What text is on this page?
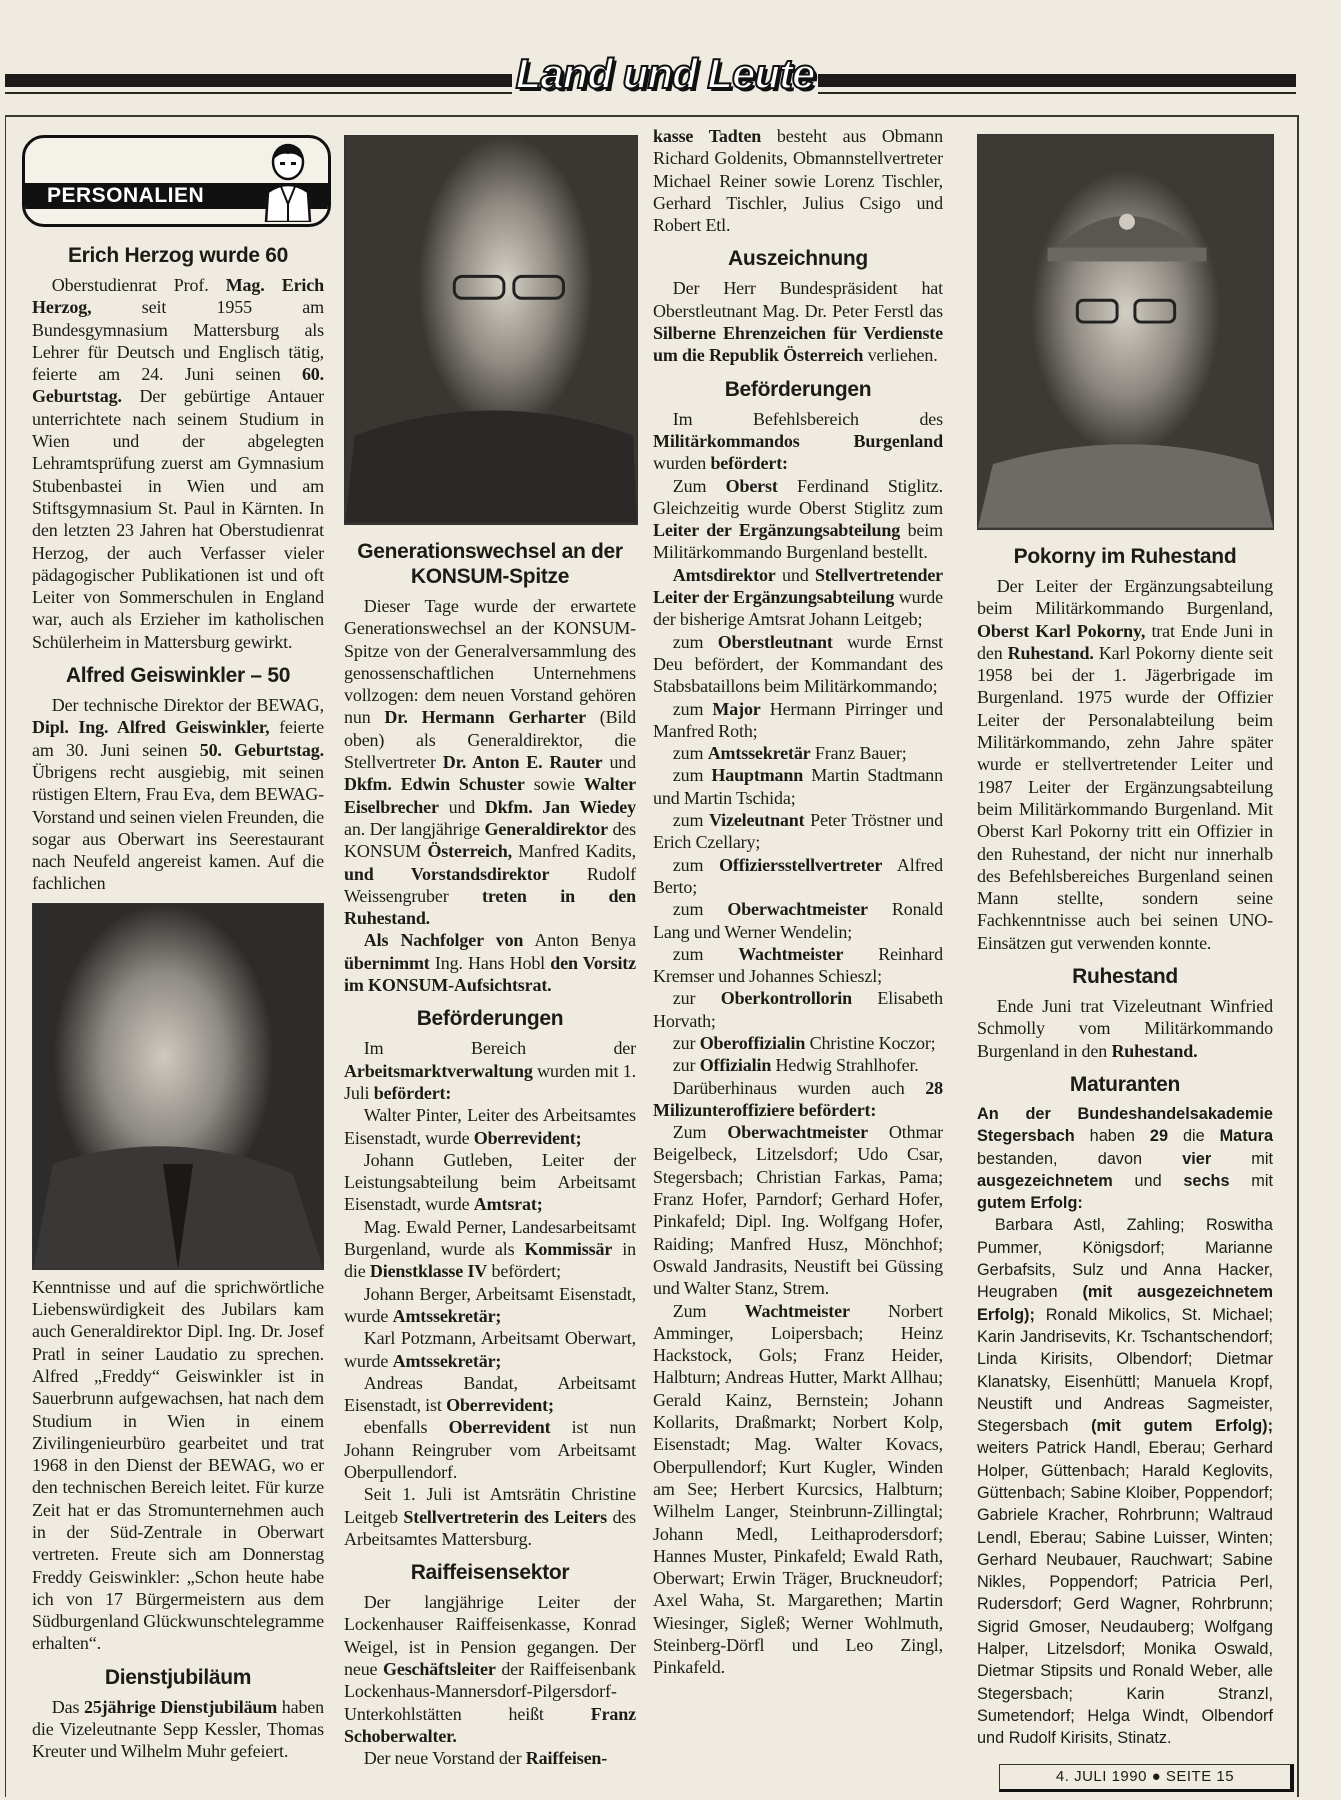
Land und Leute
PERSONALIEN
Erich Herzog wurde 60

Oberstudienrat Prof. Mag. Erich Herzog, seit 1955 am Bundesgymnasium Mattersburg als Lehrer für Deutsch und Englisch tätig, feierte am 24. Juni seinen 60. Geburtstag. Der gebürtige Antauer unterrichtete nach seinem Studium in Wien und der abgelegten Lehramtsprüfung zuerst am Gymnasium Stubenbastei in Wien und am Stiftsgymnasium St. Paul in Kärnten. In den letzten 23 Jahren hat Oberstudienrat Herzog, der auch Verfasser vieler pädagogischer Publikationen ist und oft Leiter von Sommerschulen in England war, auch als Erzieher im katholischen Schülerheim in Mattersburg gewirkt.

Alfred Geiswinkler – 50

Der technische Direktor der BEWAG, Dipl. Ing. Alfred Geiswinkler, feierte am 30. Juni seinen 50. Geburtstag. Übrigens recht ausgiebig, mit seinen rüstigen Eltern, Frau Eva, dem BEWAG-Vorstand und seinen vielen Freunden, die sogar aus Oberwart ins Seerestaurant nach Neufeld angereist kamen. Auf die fachlichen

Kenntnisse und auf die sprichwörtliche Liebenswürdigkeit des Jubilars kam auch Generaldirektor Dipl. Ing. Dr. Josef Pratl in seiner Laudatio zu sprechen. Alfred „Freddy“ Geiswinkler ist in Sauerbrunn aufgewachsen, hat nach dem Studium in Wien in einem Zivilingenieurbüro gearbeitet und trat 1968 in den Dienst der BEWAG, wo er den technischen Bereich leitet. Für kurze Zeit hat er das Stromunternehmen auch in der Süd-Zentrale in Oberwart vertreten. Freute sich am Donnerstag Freddy Geiswinkler: „Schon heute habe ich von 17 Bürgermeistern aus dem Südburgenland Glückwunschtelegramme erhalten“.

Dienstjubiläum

Das 25jährige Dienstjubiläum haben die Vizeleutnante Sepp Kessler, Thomas Kreuter und Wilhelm Muhr gefeiert.

Generationswechsel an der KONSUM-Spitze

Dieser Tage wurde der erwartete Generationswechsel an der KONSUM-Spitze von der Generalversammlung des genossenschaftlichen Unternehmens vollzogen: dem neuen Vorstand gehören nun Dr. Hermann Gerharter (Bild oben) als Generaldirektor, die Stellvertreter Dr. Anton E. Rauter und Dkfm. Edwin Schuster sowie Walter Eiselbrecher und Dkfm. Jan Wiedey an. Der langjährige Generaldirektor des KONSUM Österreich, Manfred Kadits, und Vorstandsdirektor Rudolf Weissengruber treten in den Ruhestand.

Als Nachfolger von Anton Benya übernimmt Ing. Hans Hobl den Vorsitz im KONSUM-Aufsichtsrat.

Beförderungen

Im Bereich der Arbeitsmarktverwaltung wurden mit 1. Juli befördert:

Walter Pinter, Leiter des Arbeitsamtes Eisenstadt, wurde Oberrevident;

Johann Gutleben, Leiter der Leistungsabteilung beim Arbeitsamt Eisenstadt, wurde Amtsrat;

Mag. Ewald Perner, Landesarbeitsamt Burgenland, wurde als Kommissär in die Dienstklasse IV befördert;

Johann Berger, Arbeitsamt Eisenstadt, wurde Amtssekretär;

Karl Potzmann, Arbeitsamt Oberwart, wurde Amtssekretär;

Andreas Bandat, Arbeitsamt Eisenstadt, ist Oberrevident;

ebenfalls Oberrevident ist nun Johann Reingruber vom Arbeitsamt Oberpullendorf.

Seit 1. Juli ist Amtsrätin Christine Leitgeb Stellvertreterin des Leiters des Arbeitsamtes Mattersburg.

Raiffeisensektor

Der langjährige Leiter der Lockenhauser Raiffeisenkasse, Konrad Weigel, ist in Pension gegangen. Der neue Geschäftsleiter der Raiffeisenbank Lockenhaus-Mannersdorf-Pilgersdorf-Unterkohlstätten heißt Franz Schoberwalter.

Der neue Vorstand der Raiffeisen-

kasse Tadten besteht aus Obmann Richard Goldenits, Obmannstellvertreter Michael Reiner sowie Lorenz Tischler, Gerhard Tischler, Julius Csigo und Robert Etl.

Auszeichnung

Der Herr Bundespräsident hat Oberstleutnant Mag. Dr. Peter Ferstl das Silberne Ehrenzeichen für Verdienste um die Republik Österreich verliehen.

Beförderungen

Im Befehlsbereich des Militärkommandos Burgenland wurden befördert:

Zum Oberst Ferdinand Stiglitz. Gleichzeitig wurde Oberst Stiglitz zum Leiter der Ergänzungsabteilung beim Militärkommando Burgenland bestellt.

Amtsdirektor und Stellvertretender Leiter der Ergänzungsabteilung wurde der bisherige Amtsrat Johann Leitgeb;

zum Oberstleutnant wurde Ernst Deu befördert, der Kommandant des Stabsbataillons beim Militärkommando;

zum Major Hermann Pirringer und Manfred Roth;

zum Amtssekretär Franz Bauer;

zum Hauptmann Martin Stadtmann und Martin Tschida;

zum Vizeleutnant Peter Tröstner und Erich Czellary;

zum Offiziersstellvertreter Alfred Berto;

zum Oberwachtmeister Ronald Lang und Werner Wendelin;

zum Wachtmeister Reinhard Kremser und Johannes Schieszl;

zur Oberkontrollorin Elisabeth Horvath;

zur Oberoffizialin Christine Koczor;

zur Offizialin Hedwig Strahlhofer.

Darüberhinaus wurden auch 28 Milizunteroffiziere befördert:

Zum Oberwachtmeister Othmar Beigelbeck, Litzelsdorf; Udo Csar, Stegersbach; Christian Farkas, Pama; Franz Hofer, Parndorf; Gerhard Hofer, Pinkafeld; Dipl. Ing. Wolfgang Hofer, Raiding; Manfred Husz, Mönchhof; Oswald Jandrasits, Neustift bei Güssing und Walter Stanz, Strem.

Zum Wachtmeister Norbert Amminger, Loipersbach; Heinz Hackstock, Gols; Franz Heider, Halbturn; Andreas Hutter, Markt Allhau; Gerald Kainz, Bernstein; Johann Kollarits, Draßmarkt; Norbert Kolp, Eisenstadt; Mag. Walter Kovacs, Oberpullendorf; Kurt Kugler, Winden am See; Herbert Kurcsics, Halbturn; Wilhelm Langer, Steinbrunn-Zillingtal; Johann Medl, Leithaprodersdorf; Hannes Muster, Pinkafeld; Ewald Rath, Oberwart; Erwin Träger, Bruckneudorf; Axel Waha, St. Margarethen; Martin Wiesinger, Sigleß; Werner Wohlmuth, Steinberg-Dörfl und Leo Zingl, Pinkafeld.

Pokorny im Ruhestand

Der Leiter der Ergänzungsabteilung beim Militärkommando Burgenland, Oberst Karl Pokorny, trat Ende Juni in den Ruhestand. Karl Pokorny diente seit 1958 bei der 1. Jägerbrigade im Burgenland. 1975 wurde der Offizier Leiter der Personalabteilung beim Militärkommando, zehn Jahre später wurde er stellvertretender Leiter und 1987 Leiter der Ergänzungsabteilung beim Militärkommando Burgenland. Mit Oberst Karl Pokorny tritt ein Offizier in den Ruhestand, der nicht nur innerhalb des Befehlsbereiches Burgenland seinen Mann stellte, sondern seine Fachkenntnisse auch bei seinen UNO-Einsätzen gut verwenden konnte.

Ruhestand

Ende Juni trat Vizeleutnant Winfried Schmolly vom Militärkommando Burgenland in den Ruhestand.

Maturanten

An der Bundeshandelsakademie Stegersbach haben 29 die Matura bestanden, davon vier mit ausgezeichnetem und sechs mit gutem Erfolg:

Barbara Astl, Zahling; Roswitha Pummer, Königsdorf; Marianne Gerbafsits, Sulz und Anna Hacker, Heugraben (mit ausgezeichnetem Erfolg); Ronald Mikolics, St. Michael; Karin Jandrisevits, Kr. Tschantschendorf; Linda Kirisits, Olbendorf; Dietmar Klanatsky, Eisenhüttl; Manuela Kropf, Neustift und Andreas Sagmeister, Stegersbach (mit gutem Erfolg); weiters Patrick Handl, Eberau; Gerhard Holper, Güttenbach; Harald Keglovits, Güttenbach; Sabine Kloiber, Poppendorf; Gabriele Kracher, Rohrbrunn; Waltraud Lendl, Eberau; Sabine Luisser, Winten; Gerhard Neubauer, Rauchwart; Sabine Nikles, Poppendorf; Patricia Perl, Rudersdorf; Gerd Wagner, Rohrbrunn; Sigrid Gmoser, Neudauberg; Wolfgang Halper, Litzelsdorf; Monika Oswald, Dietmar Stipsits und Ronald Weber, alle Stegersbach; Karin Stranzl, Sumetendorf; Helga Windt, Olbendorf und Rudolf Kirisits, Stinatz.

4. JULI 1990 ● SEITE 15
